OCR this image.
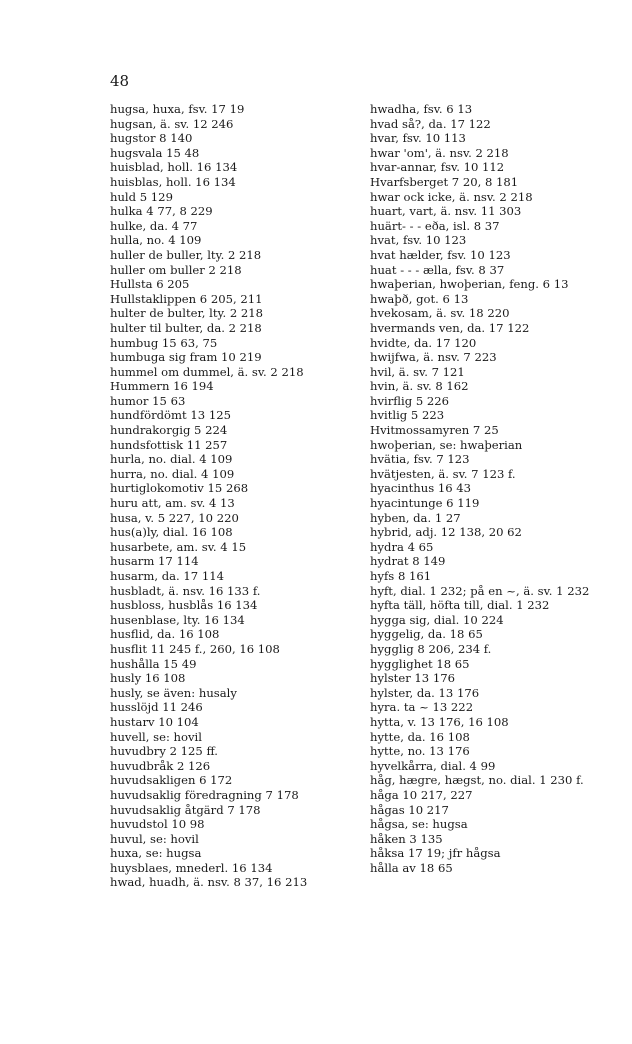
48
hugsa, huxa, fsv. 17 19
hugsan, ä. sv. 12 246
hugstor 8 140
hugsvala 15 48
huisblad, holl. 16 134
huisblas, holl. 16 134
huld 5 129
hulka 4 77, 8 229
hulke, da. 4 77
hulla, no. 4 109
huller de buller, lty. 2 218
huller om buller 2 218
Hullsta 6 205
Hullstaklippen 6 205, 211
hulter de bulter, lty. 2 218
hulter til bulter, da. 2 218
humbug 15 63, 75
humbuga sig fram 10 219
hummel om dummel, ä. sv. 2 218
Hummern 16 194
humor 15 63
hundfördömt 13 125
hundrakorgig 5 224
hundsfottisk 11 257
hurla, no. dial. 4 109
hurra, no. dial. 4 109
hurtiglokomotiv 15 268
huru att, am. sv. 4 13
husa, v. 5 227, 10 220
hus(a)ly, dial. 16 108
husarbete, am. sv. 4 15
husarm 17 114
husarm, da. 17 114
husbladt, ä. nsv. 16 133 f.
husbloss, husblås 16 134
husenblase, lty. 16 134
husflid, da. 16 108
husflit 11 245 f., 260, 16 108
hushålla 15 49
husly 16 108
husly, se även: husaly
husslöjd 11 246
hustarv 10 104
huvell, se: hovil
huvudbry 2 125 ff.
huvudbråk 2 126
huvudsakligen 6 172
huvudsaklig föredragning 7 178
huvudsaklig åtgärd 7 178
huvudstol 10 98
huvul, se: hovil
huxa, se: hugsa
huysblaes, mnederl. 16 134
hwad, huadh, ä. nsv. 8 37, 16 213
hwadha, fsv. 6 13
hvad så?, da. 17 122
hvar, fsv. 10 113
hwar 'om', ä. nsv. 2 218
hvar-annar, fsv. 10 112
Hvarfsberget 7 20, 8 181
hwar ock icke, ä. nsv. 2 218
huart, vart, ä. nsv. 11 303
huärt- - - eða, isl. 8 37
hvat, fsv. 10 123
hvat hælder, fsv. 10 123
huat - - - ælla, fsv. 8 37
hwaþerian, hwoþerian, feng. 6 13
hwaþð, got. 6 13
hvekosam, ä. sv. 18 220
hvermands ven, da. 17 122
hvidte, da. 17 120
hwijfwa, ä. nsv. 7 223
hvil, ä. sv. 7 121
hvin, ä. sv. 8 162
hvirflig 5 226
hvitlig 5 223
Hvitmossamyren 7 25
hwoþerian, se: hwaþerian
hvätia, fsv. 7 123
hvätjesten, ä. sv. 7 123 f.
hyacinthus 16 43
hyacintunge 6 119
hyben, da. 1 27
hybrid, adj. 12 138, 20 62
hydra 4 65
hydrat 8 149
hyfs 8 161
hyft, dial. 1 232; på en ~, ä. sv. 1 232
hyfta täll, höfta till, dial. 1 232
hygga sig, dial. 10 224
hyggelig, da. 18 65
hygglig 8 206, 234 f.
hygglighet 18 65
hylster 13 176
hylster, da. 13 176
hyra. ta ~ 13 222
hytta, v. 13 176, 16 108
hytte, da. 16 108
hytte, no. 13 176
hyvelkårra, dial. 4 99
håg, hægre, hægst, no. dial. 1 230 f.
håga 10 217, 227
hågas 10 217
hågsa, se: hugsa
håken 3 135
håksa 17 19; jfr hågsa
hålla av 18 65
